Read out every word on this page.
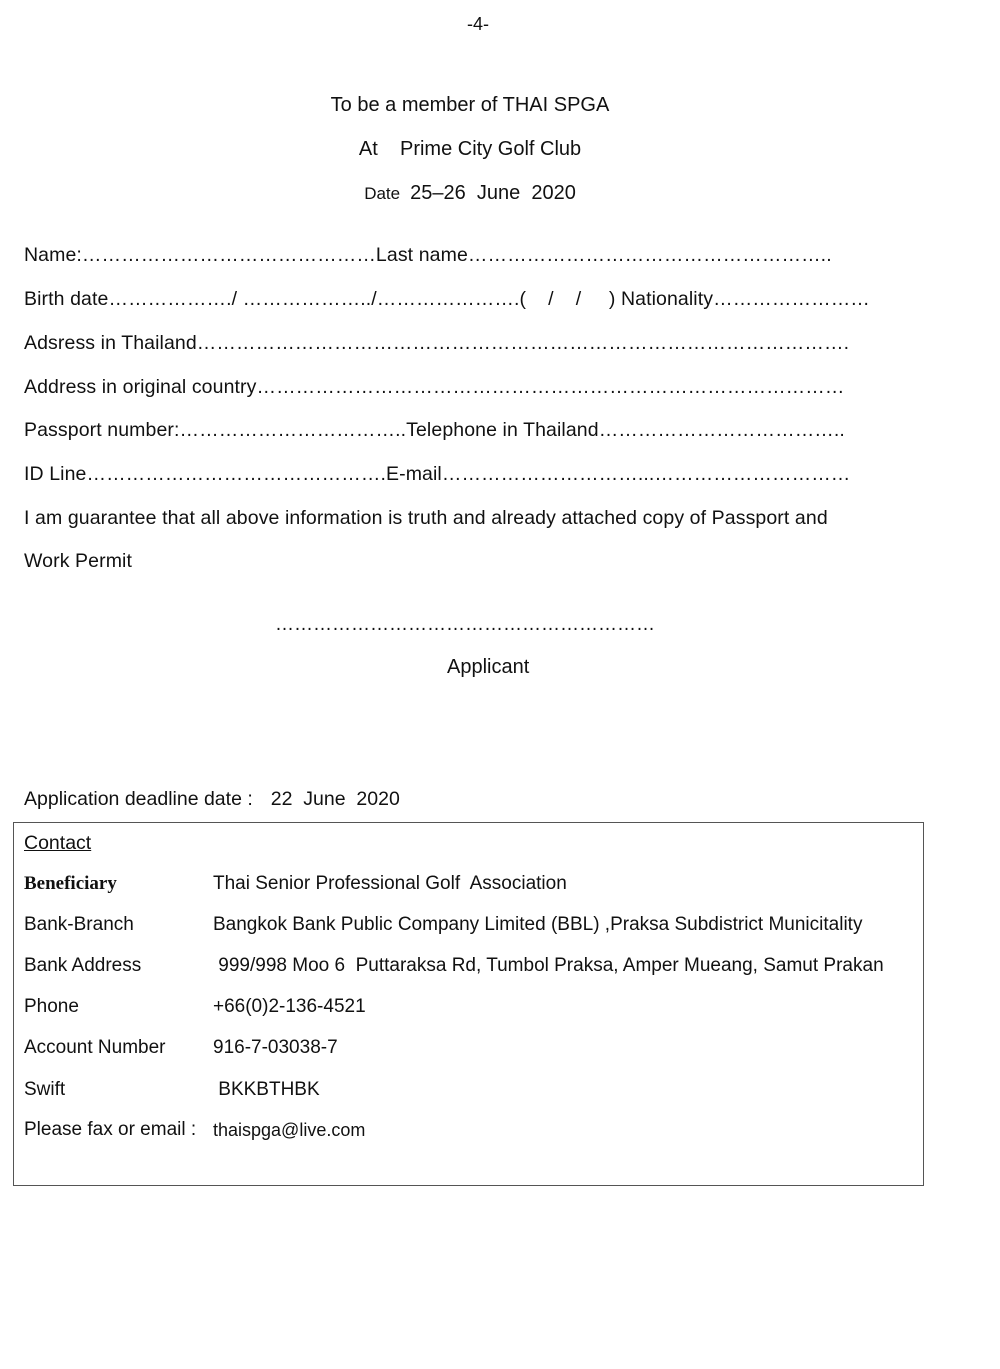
-4-
To be a member of THAI SPGA
At    Prime City Golf Club
Date 25–26  June  2020
Name:………………………………………Last name………………………………………………..
Birth date………………./ ………………../………………….(    /    /     ) Nationality……………………
Adsress in Thailand……………………………………………………………………………………….
Address in original country………………………………………………………………………………
Passport number:……………………………..Telephone in Thailand………………………………..
ID Line……………………………………….E-mail…………………………...…………………………
I am guarantee that all above information is truth and already attached copy of Passport and
Work Permit
……………………………………………………
Applicant
Application deadline date : 22  June  2020
Contact
Beneficiary	Thai Senior Professional Golf  Association
Bank-Branch	Bangkok Bank Public Company Limited (BBL) ,Praksa Subdistrict Municitality
Bank Address	999/998 Moo 6  Puttaraksa Rd, Tumbol Praksa, Amper Mueang, Samut Prakan
Phone	+66(0)2-136-4521
Account Number 916-7-03038-7
Swift	BKKBTHBK
Please fax or email : thaispga@live.com
